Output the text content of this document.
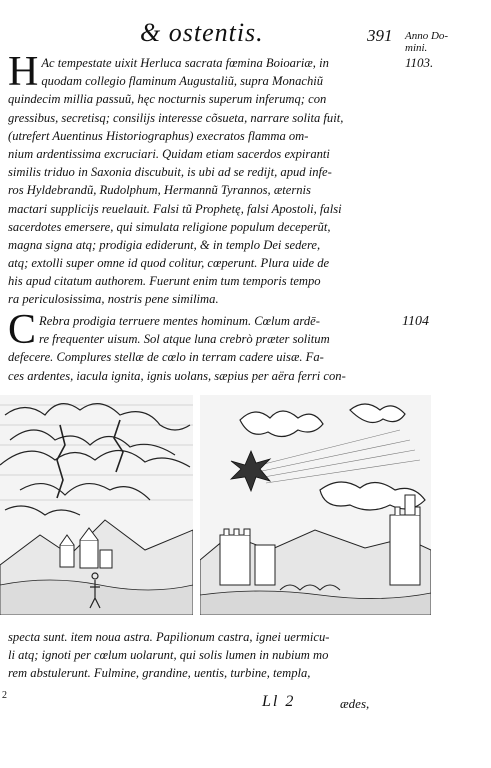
& ostentis.	391 Anno Do-
mini.
1103.
1104
H Ac tempestate uixit Herluca sacrata fœmina Boioariæ, in
quodam collegio flaminum Augustaliũ, supra Monachiũ
quindecim millia passuũ, hęc nocturnis superum inferumq; con
gressibus, secretisq; consilijs interesse cõsueta, narrare solita fuit,
(utrefert Auentinus Historiographus) execratos flamma om-
nium ardentissima excruciari. Quidam etiam sacerdos expiranti
similis triduo in Saxonia discubuit, is ubi ad se redijt, apud infe-
ros Hyldebrandũ, Rudolphum, Hermannũ Tyrannos, æternis
mactari supplicijs reuelauit. Falsi tũ Prophetę, falsi Apostoli, falsi
sacerdotes emersere, qui simulata religione populum deceperũt,
magna signa atq; prodigia ediderunt, & in templo Dei sedere,
atq; extolli super omne id quod colitur, cœperunt. Plura uide de
his apud citatum authorem. Fuerunt enim tum temporis tempo
ra periculosissima, nostris pene similima.
C Rebra prodigia terruere mentes hominum. Cœlum ardē-
re frequenter uisum. Sol atque luna crebrò præter solitum
defecere. Complures stellæ de cœlo in terram cadere uisæ. Fa-
ces ardentes, iacula ignita, ignis uolans, sæpius per aëra ferri con-
specta sunt. item noua astra. Papilionum castra, ignei uermicu-
li atq; ignoti per cœlum uolarunt, qui solis lumen in nubium mo
rem abstulerunt. Fulmine, grandine, uentis, turbine, templa,
2	Ll 2	ædes,
